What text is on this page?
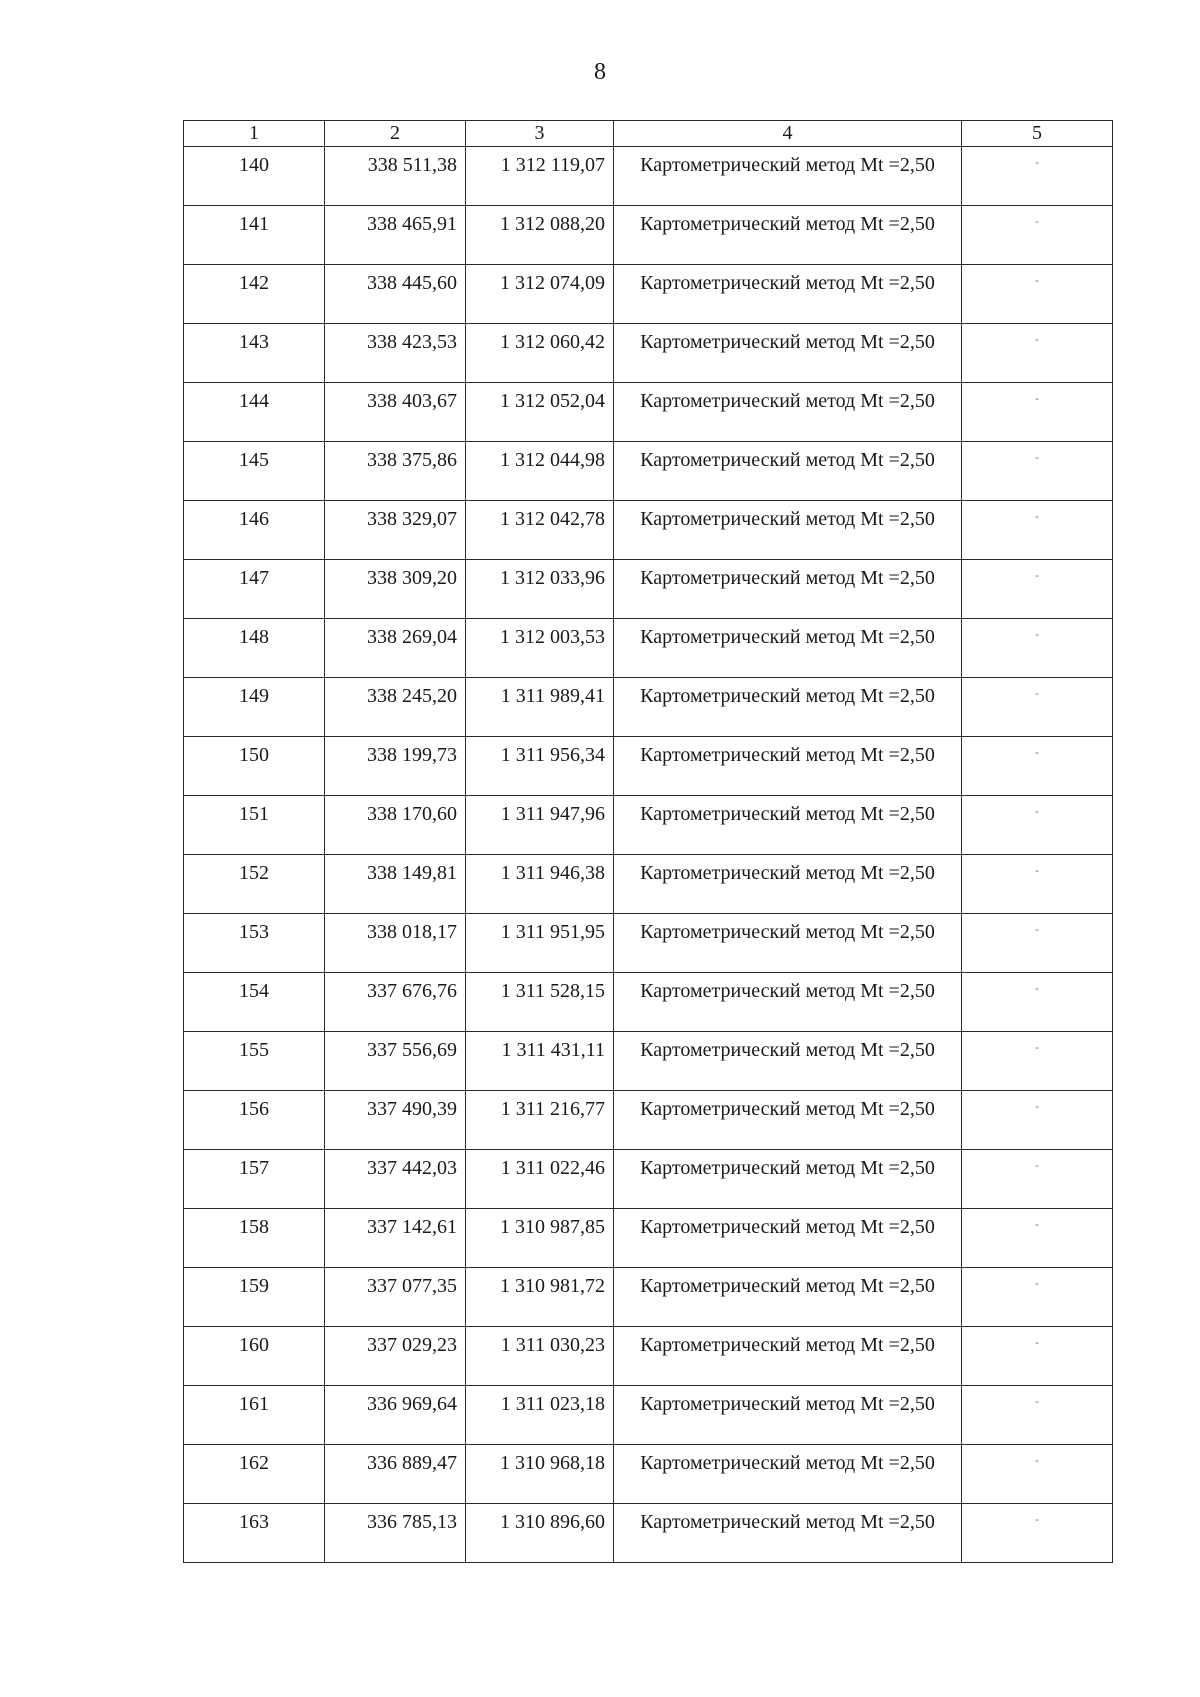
8
1	2	3	4	5

140	338 511,38	1 312 119,07	Картометрический метод Mt =2,50	-

141	338 465,91	1 312 088,20	Картометрический метод Mt =2,50	-

142	338 445,60	1 312 074,09	Картометрический метод Mt =2,50	-

143	338 423,53	1 312 060,42	Картометрический метод Mt =2,50	-

144	338 403,67	1 312 052,04	Картометрический метод Mt =2,50	-

145	338 375,86	1 312 044,98	Картометрический метод Mt =2,50	-

146	338 329,07	1 312 042,78	Картометрический метод Mt =2,50	-

147	338 309,20	1 312 033,96	Картометрический метод Mt =2,50	-

148	338 269,04	1 312 003,53	Картометрический метод Mt =2,50	-

149	338 245,20	1 311 989,41	Картометрический метод Mt =2,50	-

150	338 199,73	1 311 956,34	Картометрический метод Mt =2,50	-

151	338 170,60	1 311 947,96	Картометрический метод Mt =2,50	-

152	338 149,81	1 311 946,38	Картометрический метод Mt =2,50	-

153	338 018,17	1 311 951,95	Картометрический метод Mt =2,50	-

154	337 676,76	1 311 528,15	Картометрический метод Mt =2,50	-

155	337 556,69	1 311 431,11	Картометрический метод Mt =2,50	-

156	337 490,39	1 311 216,77	Картометрический метод Mt =2,50	-

157	337 442,03	1 311 022,46	Картометрический метод Mt =2,50	-

158	337 142,61	1 310 987,85	Картометрический метод Mt =2,50	-

159	337 077,35	1 310 981,72	Картометрический метод Mt =2,50	-

160	337 029,23	1 311 030,23	Картометрический метод Mt =2,50	-

161	336 969,64	1 311 023,18	Картометрический метод Mt =2,50	-

162	336 889,47	1 310 968,18	Картометрический метод Mt =2,50	-

163	336 785,13	1 310 896,60	Картометрический метод Mt =2,50	-
